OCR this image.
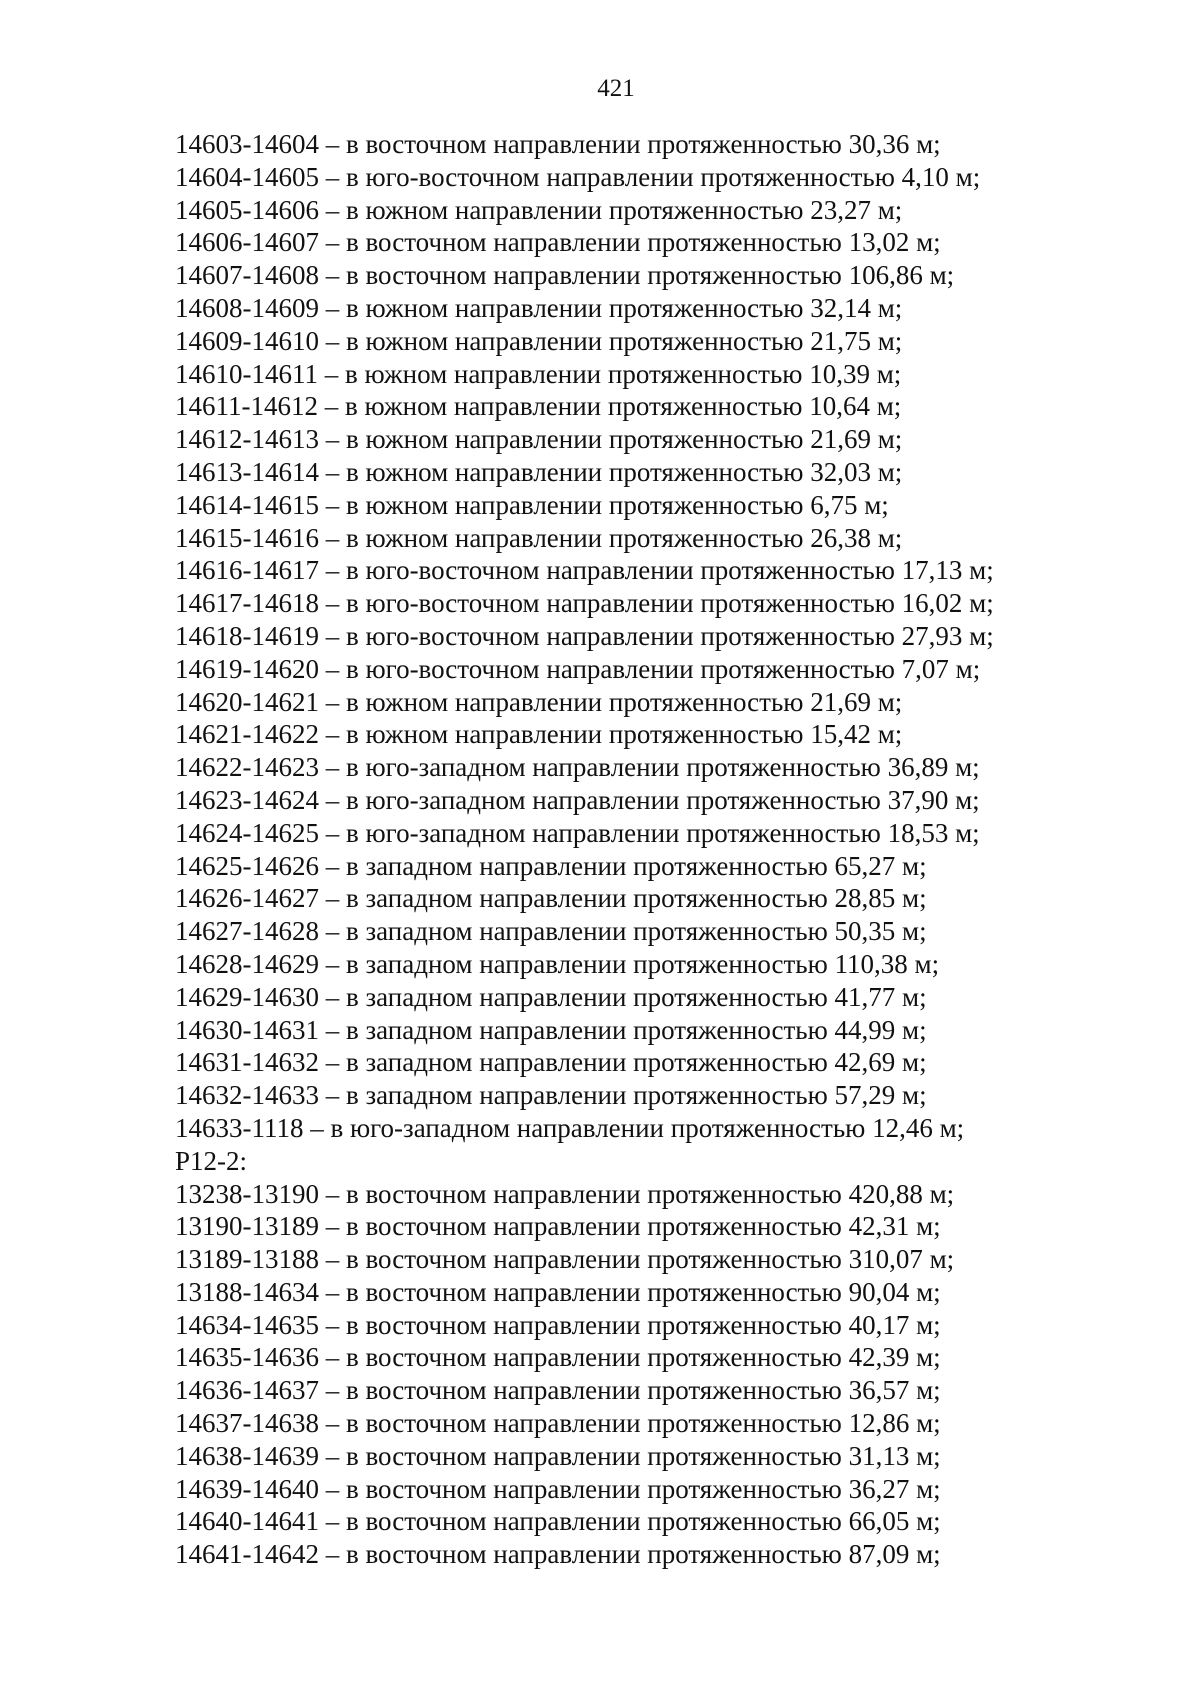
421
14603-14604 – в восточном направлении протяженностью 30,36 м;
14604-14605 – в юго-восточном направлении протяженностью 4,10 м;
14605-14606 – в южном направлении протяженностью 23,27 м;
14606-14607 – в восточном направлении протяженностью 13,02 м;
14607-14608 – в восточном направлении протяженностью 106,86 м;
14608-14609 – в южном направлении протяженностью 32,14 м;
14609-14610 – в южном направлении протяженностью 21,75 м;
14610-14611 – в южном направлении протяженностью 10,39 м;
14611-14612 – в южном направлении протяженностью 10,64 м;
14612-14613 – в южном направлении протяженностью 21,69 м;
14613-14614 – в южном направлении протяженностью 32,03 м;
14614-14615 – в южном направлении протяженностью 6,75 м;
14615-14616 – в южном направлении протяженностью 26,38 м;
14616-14617 – в юго-восточном направлении протяженностью 17,13 м;
14617-14618 – в юго-восточном направлении протяженностью 16,02 м;
14618-14619 – в юго-восточном направлении протяженностью 27,93 м;
14619-14620 – в юго-восточном направлении протяженностью 7,07 м;
14620-14621 – в южном направлении протяженностью 21,69 м;
14621-14622 – в южном направлении протяженностью 15,42 м;
14622-14623 – в юго-западном направлении протяженностью 36,89 м;
14623-14624 – в юго-западном направлении протяженностью 37,90 м;
14624-14625 – в юго-западном направлении протяженностью 18,53 м;
14625-14626 – в западном направлении протяженностью 65,27 м;
14626-14627 – в западном направлении протяженностью 28,85 м;
14627-14628 – в западном направлении протяженностью 50,35 м;
14628-14629 – в западном направлении протяженностью 110,38 м;
14629-14630 – в западном направлении протяженностью 41,77 м;
14630-14631 – в западном направлении протяженностью 44,99 м;
14631-14632 – в западном направлении протяженностью 42,69 м;
14632-14633 – в западном направлении протяженностью 57,29 м;
14633-1118 – в юго-западном направлении протяженностью 12,46 м;
Р12-2:
13238-13190 – в восточном направлении протяженностью 420,88 м;
13190-13189 – в восточном направлении протяженностью 42,31 м;
13189-13188 – в восточном направлении протяженностью 310,07 м;
13188-14634 – в восточном направлении протяженностью 90,04 м;
14634-14635 – в восточном направлении протяженностью 40,17 м;
14635-14636 – в восточном направлении протяженностью 42,39 м;
14636-14637 – в восточном направлении протяженностью 36,57 м;
14637-14638 – в восточном направлении протяженностью 12,86 м;
14638-14639 – в восточном направлении протяженностью 31,13 м;
14639-14640 – в восточном направлении протяженностью 36,27 м;
14640-14641 – в восточном направлении протяженностью 66,05 м;
14641-14642 – в восточном направлении протяженностью 87,09 м;
